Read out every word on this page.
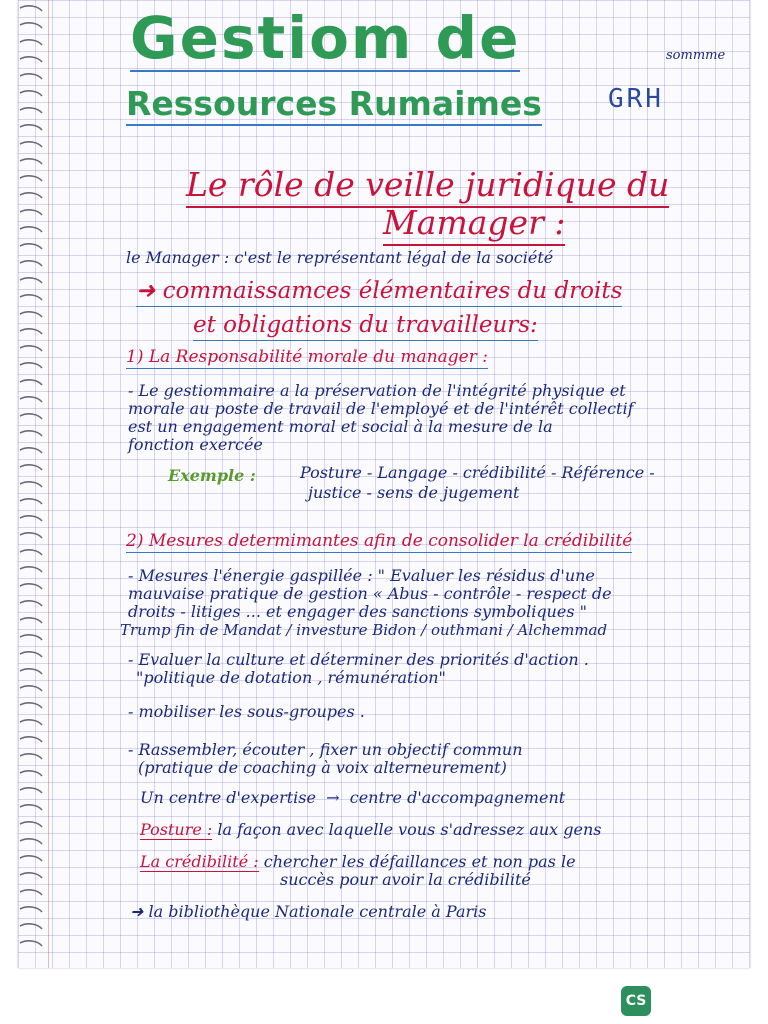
Gestiom de	sommme
Ressources Rumaimes	GRH
Le rôle de veille juridique du
Mamager :
le Manager : c'est le représentant légal de la société
➜ commaissamces élémentaires du droits
et obligations du travailleurs:
1) La Responsabilité morale du manager :
- Le gestiommaire a la préservation de l'intégrité physique et
morale au poste de travail de l'employé et de l'intérêt collectif
est un engagement moral et social à la mesure de la
fonction exercée
Exemple :	Posture - Langage - crédibilité - Référence -
justice - sens de jugement
2) Mesures determimantes afin de consolider la crédibilité
- Mesures l'énergie gaspillée : " Evaluer les résidus d'une
mauvaise pratique de gestion « Abus - contrôle - respect de
droits - litiges ... et engager des sanctions symboliques "
Trump fin de Mandat / investure Bidon / outhmani / Alchemmad
- Evaluer la culture et déterminer des priorités d'action .
"politique de dotation , rémunération"
- mobiliser les sous-groupes .
- Rassembler, écouter , fixer un objectif commun
(pratique de coaching à voix alterneurement)
Un centre d'expertise  →  centre d'accompagnement
Posture : la façon avec laquelle vous s'adressez aux gens
La crédibilité : chercher les défaillances et non pas le
succès pour avoir la crédibilité
➜ la bibliothèque Nationale centrale à Paris
CS
